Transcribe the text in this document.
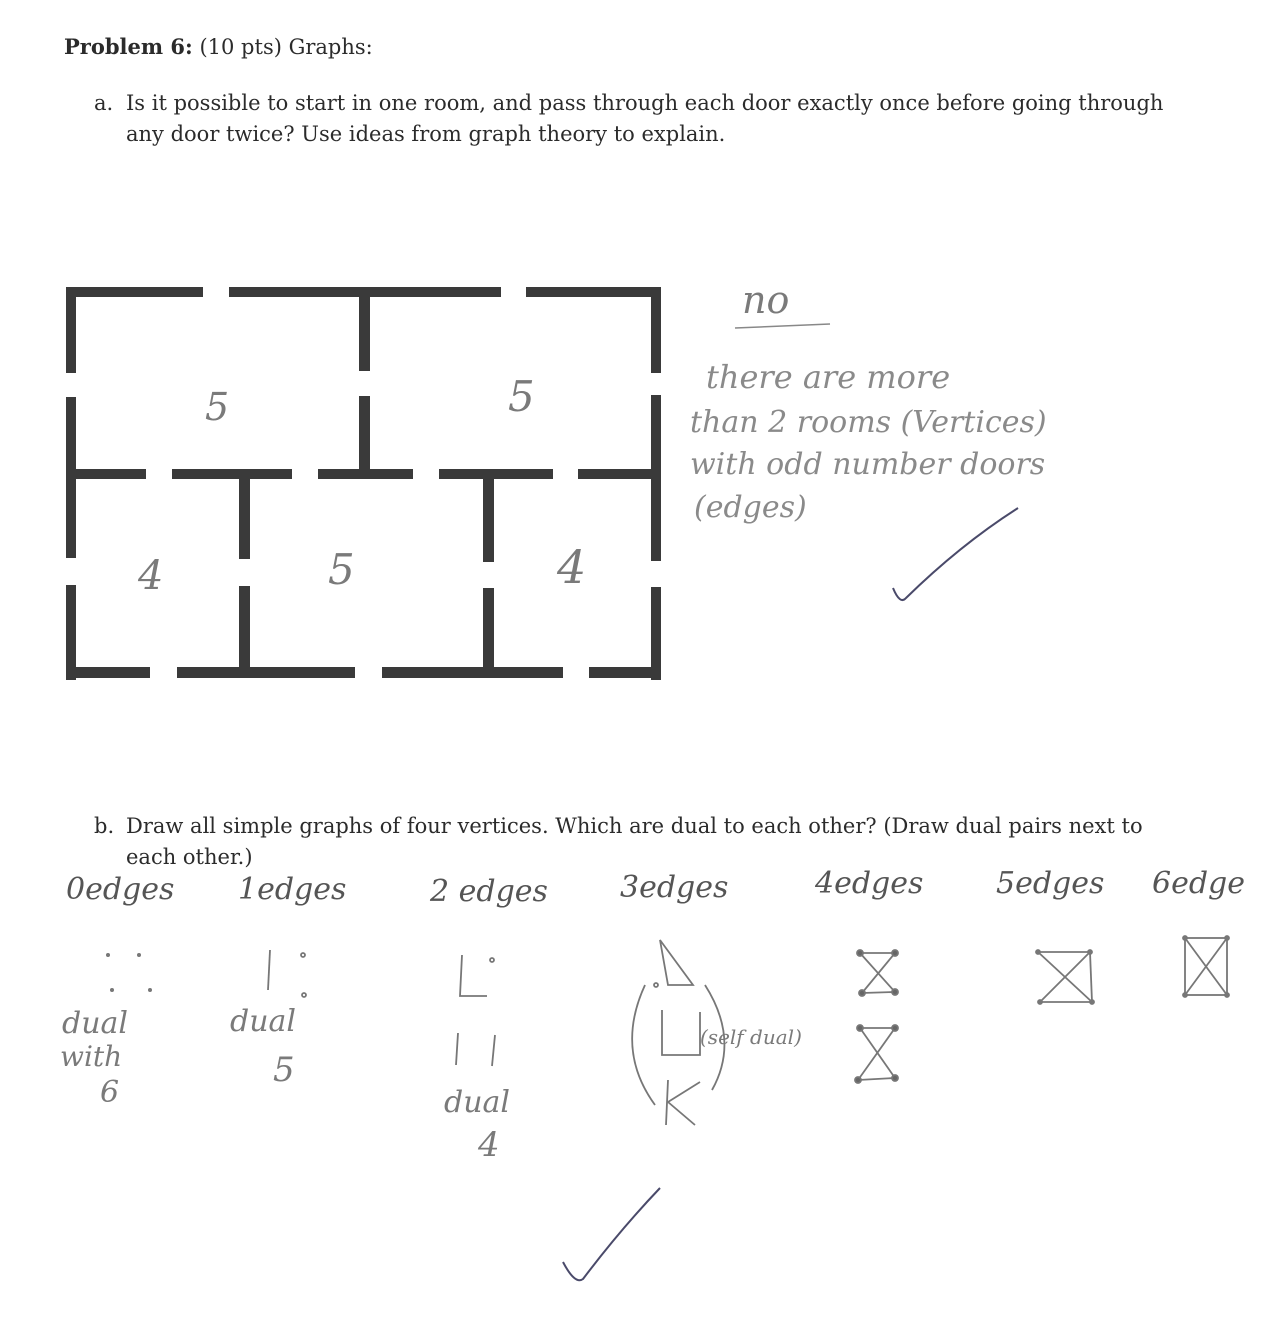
Problem 6: (10 pts) Graphs:
a. Is it possible to start in one room, and pass through each door exactly once before going through
any door twice? Use ideas from graph theory to explain.
b. Draw all simple graphs of four vertices. Which are dual to each other? (Draw dual pairs next to
each other.)
5	5
4	5	4
no
there are more
than 2 rooms (Vertices)
with odd number doors
(edges)
0edges 1edges	2 edges 3edges	4edges 5edges 6edge
dual
with
6
dual
5
dual
4
(self dual)
